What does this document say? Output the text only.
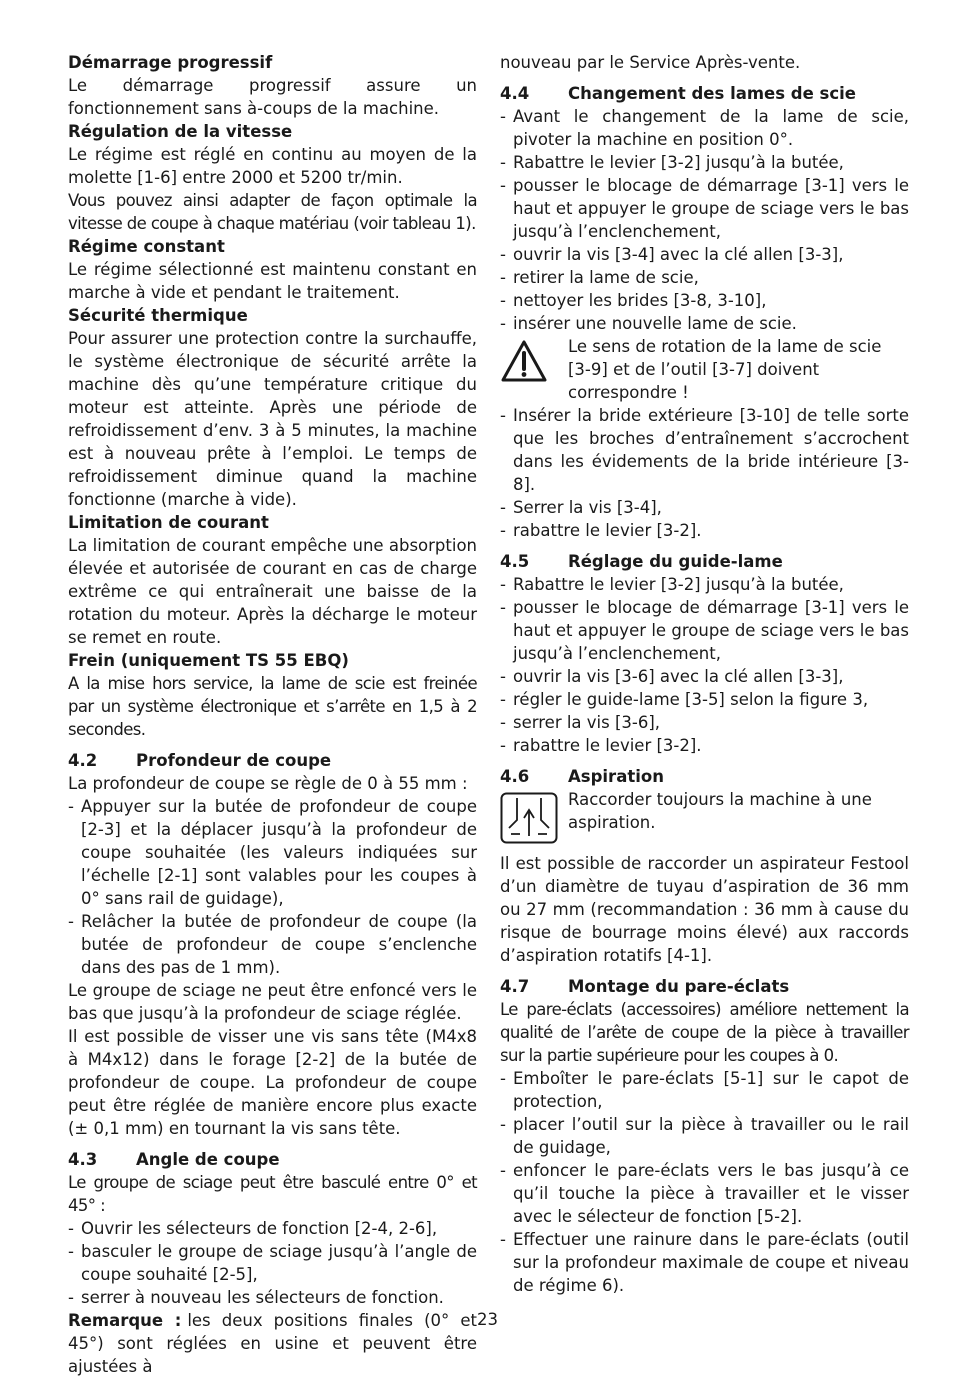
Démarrage progressif

Le démarrage progressif assure un fonctionnement sans à-coups de la machine.

Régulation de la vitesse

Le régime est réglé en continu au moyen de la molette [1-6] entre 2000 et 5200 tr/min.

Vous pouvez ainsi adapter de façon optimale la vitesse de coupe à chaque matériau (voir tableau 1).

Régime constant

Le régime sélectionné est maintenu constant en marche à vide et pendant le traitement.

Sécurité thermique

Pour assurer une protection contre la surchauffe, le système électronique de sécurité arrête la machine dès qu’une température critique du moteur est atteinte. Après une période de refroidissement d’env. 3 à 5 minutes, la machine est à nouveau prête à l’emploi. Le temps de refroidissement diminue quand la machine fonctionne (marche à vide).

Limitation de courant

La limitation de courant empêche une absorption élevée et autorisée de courant en cas de charge extrême ce qui entraînerait une baisse de la rotation du moteur. Après la décharge le moteur se remet en route.

Frein (uniquement TS 55 EBQ)

A la mise hors service, la lame de scie est freinée par un système électronique et s’arrête en 1,5 à 2 secondes.

4.2	Profondeur de coupe

La profondeur de coupe se règle de 0 à 55 mm :

- Appuyer sur la butée de profondeur de coupe [2-3] et la déplacer jusqu’à la profondeur de coupe souhaitée (les valeurs indiquées sur l’échelle [2-1] sont valables pour les coupes à 0° sans rail de guidage),
- Relâcher la butée de profondeur de coupe (la butée de profondeur de coupe s’enclenche dans des pas de 1 mm).

Le groupe de sciage ne peut être enfoncé vers le bas que jusqu’à la profondeur de sciage réglée.

Il est possible de visser une vis sans tête (M4x8 à M4x12) dans le forage [2-2] de la butée de profondeur de coupe. La profondeur de coupe peut être réglée de manière encore plus exacte (± 0,1 mm) en tournant la vis sans tête.

4.3	Angle de coupe

Le groupe de sciage peut être basculé entre 0° et 45° :

- Ouvrir les sélecteurs de fonction [2-4, 2-6],
- basculer le groupe de sciage jusqu’à l’angle de coupe souhaité [2-5],
- serrer à nouveau les sélecteurs de fonction.

Remarque : les deux positions finales (0° et 45°) sont réglées en usine et peuvent être ajustées à

nouveau par le Service Après-vente.

4.4	Changement des lames de scie
- Avant le changement de la lame de scie, pivoter la machine en position 0°.
- Rabattre le levier [3-2] jusqu’à la butée,
- pousser le blocage de démarrage [3-1] vers le haut et appuyer le groupe de sciage vers le bas jusqu’à l’enclenchement,
- ouvrir la vis [3-4] avec la clé allen [3-3],
- retirer la lame de scie,
- nettoyer les brides [3-8, 3-10],
- insérer une nouvelle lame de scie.
Le sens de rotation de la lame de scie [3-9] et de l’outil [3-7] doivent correspondre !
- Insérer la bride extérieure [3-10] de telle sorte que les broches d’entraînement s’accrochent dans les évidements de la bride intérieure [3-8].
- Serrer la vis [3-4],
- rabattre le levier [3-2].
4.5	Réglage du guide-lame
- Rabattre le levier [3-2] jusqu’à la butée,
- pousser le blocage de démarrage [3-1] vers le haut et appuyer le groupe de sciage vers le bas jusqu’à l’enclenchement,
- ouvrir la vis [3-6] avec la clé allen [3-3],
- régler le guide-lame [3-5] selon la figure 3,
- serrer la vis [3-6],
- rabattre le levier [3-2].
4.6	Aspiration
Raccorder toujours la machine à une aspiration.

Il est possible de raccorder un aspirateur Festool d’un diamètre de tuyau d’aspiration de 36 mm ou 27 mm (recommandation : 36 mm à cause du risque de bourrage moins élevé) aux raccords d’aspiration rotatifs [4-1].

4.7	Montage du pare-éclats

Le pare-éclats (accessoires) améliore nettement la qualité de l’arête de coupe de la pièce à travailler sur la partie supérieure pour les coupes à 0.

- Emboîter le pare-éclats [5-1] sur le capot de protection,
- placer l’outil sur la pièce à travailler ou le rail de guidage,
- enfoncer le pare-éclats vers le bas jusqu’à ce qu’il touche la pièce à travailler et le visser avec le sélecteur de fonction [5-2].
- Effectuer une rainure dans le pare-éclats (outil sur la profondeur maximale de coupe et niveau de régime 6).
23
